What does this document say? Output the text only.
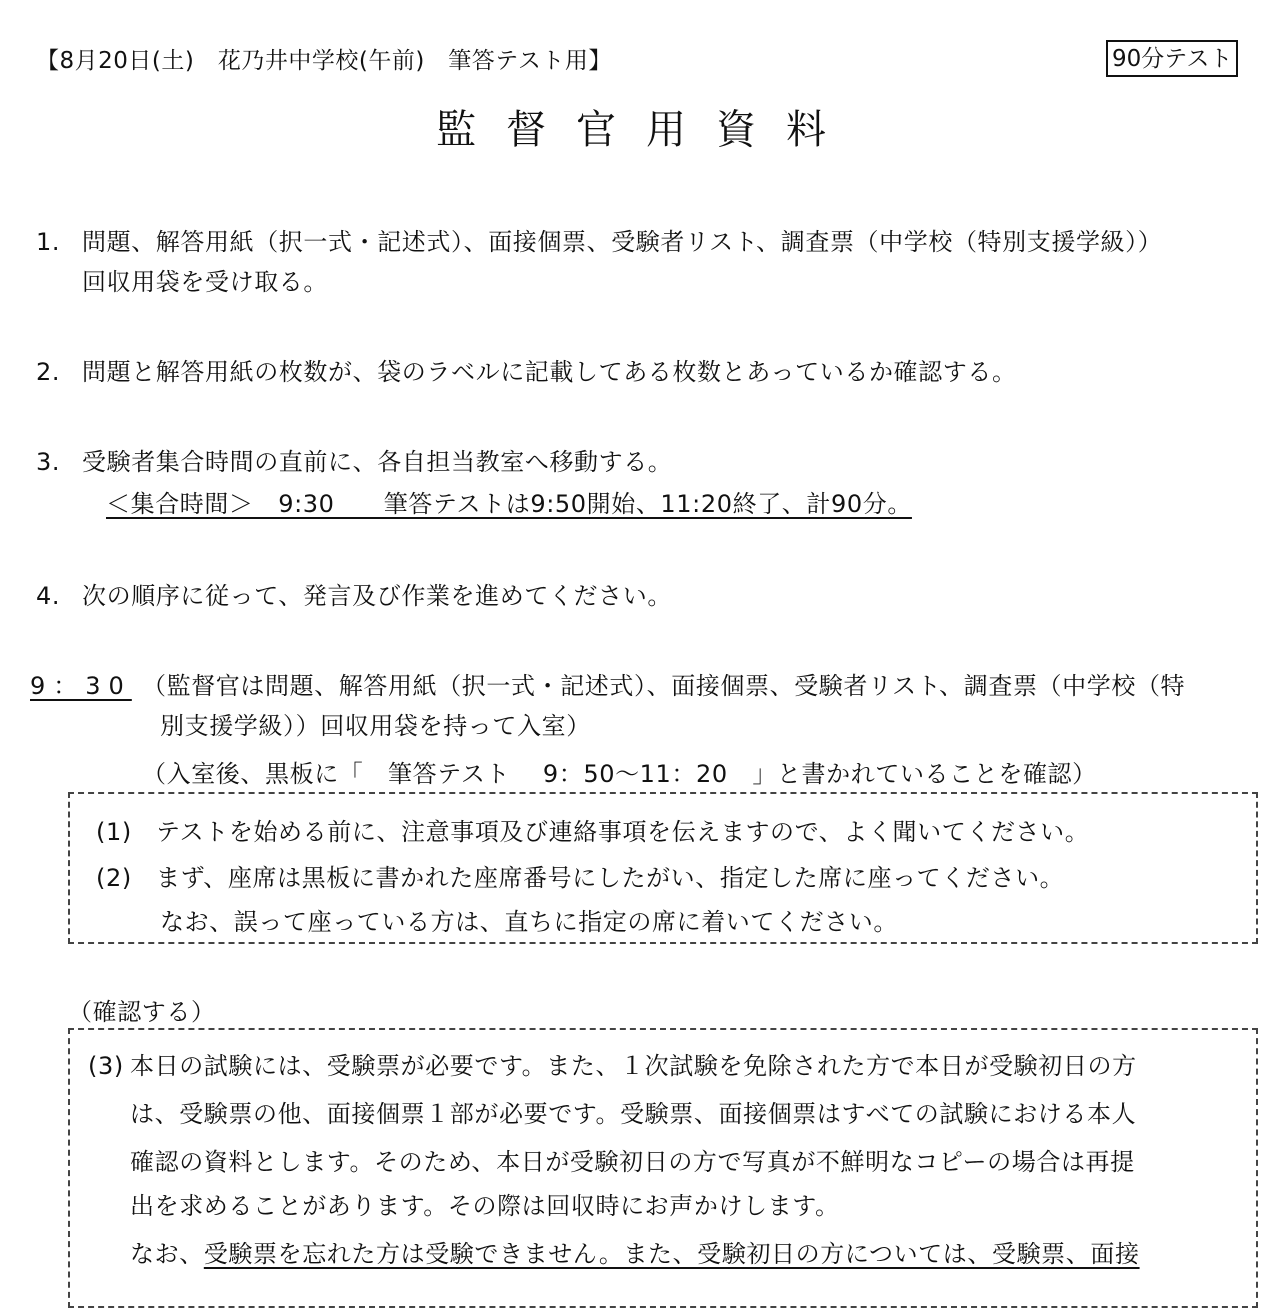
【8月20日(土)　花乃井中学校(午前)　筆答テスト用】	90分テスト
監督官用資料
1. 問題、解答用紙（択一式・記述式）、面接個票、受験者リスト、調査票（中学校（特別支援学級））
回収用袋を受け取る。
2. 問題と解答用紙の枚数が、袋のラベルに記載してある枚数とあっているか確認する。
3. 受験者集合時間の直前に、各自担当教室へ移動する。
＜集合時間＞　9:30　　筆答テストは9:50開始、11:20終了、計90分。
4. 次の順序に従って、発言及び作業を進めてください。
9：30 （監督官は問題、解答用紙（択一式・記述式）、面接個票、受験者リスト、調査票（中学校（特
別支援学級））回収用袋を持って入室）
（入室後、黒板に「　筆答テスト　 9：50〜11：20　」と書かれていることを確認）
(1) テストを始める前に、注意事項及び連絡事項を伝えますので、よく聞いてください。
(2) まず、座席は黒板に書かれた座席番号にしたがい、指定した席に座ってください。
なお、誤って座っている方は、直ちに指定の席に着いてください。
（確認する）
(3) 本日の試験には、受験票が必要です。また、１次試験を免除された方で本日が受験初日の方
は、受験票の他、面接個票１部が必要です。受験票、面接個票はすべての試験における本人
確認の資料とします。そのため、本日が受験初日の方で写真が不鮮明なコピーの場合は再提
出を求めることがあります。その際は回収時にお声かけします。
なお、受験票を忘れた方は受験できません。また、受験初日の方については、受験票、面接
